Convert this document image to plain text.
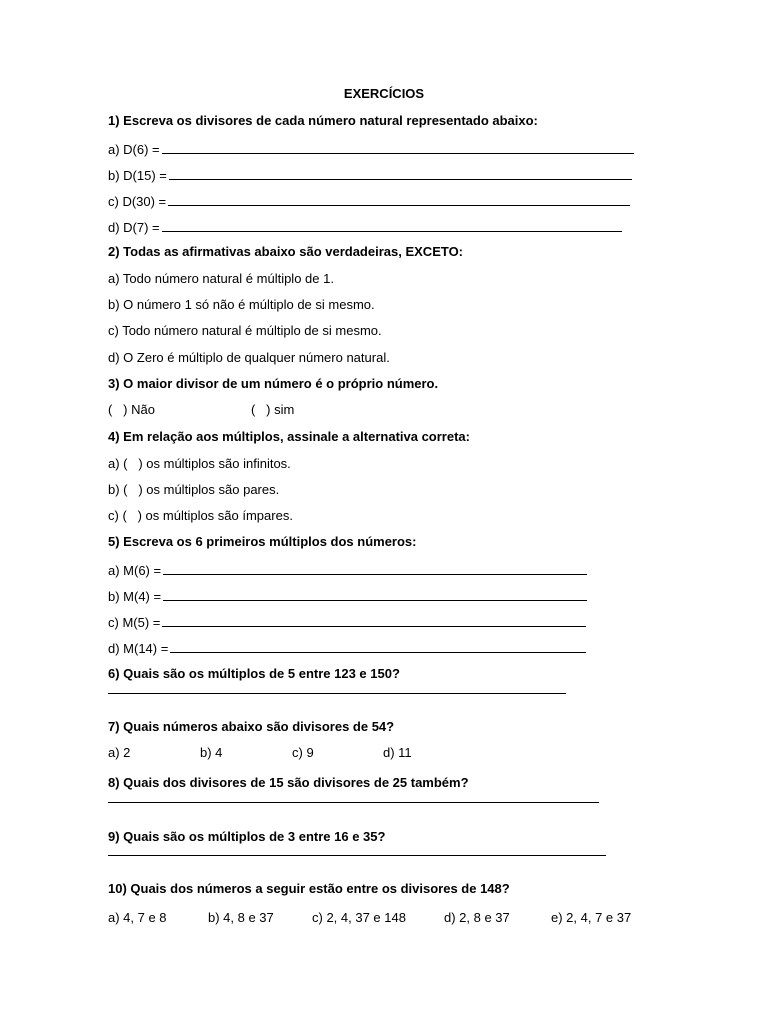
EXERCÍCIOS
1) Escreva os divisores de cada número natural representado abaixo:
a) D(6) =
b) D(15) =
c) D(30) =
d) D(7) =
2) Todas as afirmativas abaixo são verdadeiras, EXCETO:
a) Todo número natural é múltiplo de 1.
b) O número 1 só não é múltiplo de si mesmo.
c) Todo número natural é múltiplo de si mesmo.
d) O Zero é múltiplo de qualquer número natural.
3) O maior divisor de um número é o próprio número.
(   ) Não	(   ) sim
4) Em relação aos múltiplos, assinale a alternativa correta:
a) (   ) os múltiplos são infinitos.
b) (   ) os múltiplos são pares.
c) (   ) os múltiplos são ímpares.
5) Escreva os 6 primeiros múltiplos dos números:
a) M(6) =
b) M(4) =
c) M(5) =
d) M(14) =
6) Quais são os múltiplos de 5 entre 123 e 150?
7) Quais números abaixo são divisores de 54?
a) 2	b) 4	c) 9	d) 11
8) Quais dos divisores de 15 são divisores de 25 também?
9) Quais são os múltiplos de 3 entre 16 e 35?
10) Quais dos números a seguir estão entre os divisores de 148?
a) 4, 7 e 8	b) 4, 8 e 37	c) 2, 4, 37 e 148	d) 2, 8 e 37	e) 2, 4, 7 e 37
